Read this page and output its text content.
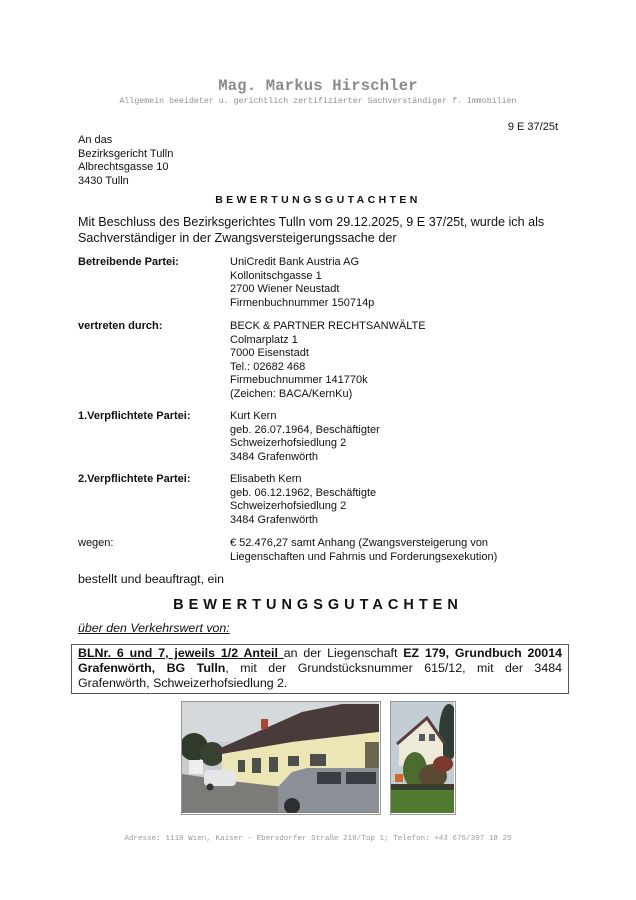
Mag. Markus Hirschler
Allgemein beeideter u. gerichtlich zertifizierter Sachverständiger f. Immobilien
9 E 37/25t
An das
Bezirksgericht Tulln
Albrechtsgasse 10
3430 Tulln
BEWERTUNGSGUTACHTEN
Mit Beschluss des Bezirksgerichtes Tulln vom 29.12.2025, 9 E 37/25t, wurde ich als
Sachverständiger in der Zwangsversteigerungssache der
Betreibende Partei:	UniCredit Bank Austria AG
Kollonitschgasse 1
2700 Wiener Neustadt
Firmenbuchnummer 150714p
vertreten durch:	BECK & PARTNER RECHTSANWÄLTE
Colmarplatz 1
7000 Eisenstadt
Tel.: 02682 468
Firmebuchnummer 141770k
(Zeichen: BACA/KernKu)
1.Verpflichtete Partei:	Kurt Kern
geb. 26.07.1964, Beschäftigter
Schweizerhofsiedlung 2
3484 Grafenwörth
2.Verpflichtete Partei:	Elisabeth Kern
geb. 06.12.1962, Beschäftigte
Schweizerhofsiedlung 2
3484 Grafenwörth
wegen:	€ 52.476,27 samt Anhang (Zwangsversteigerung von
Liegenschaften und Fahrnis und Forderungsexekution)
bestellt und beauftragt, ein
BEWERTUNGSGUTACHTEN
über den Verkehrswert von:
BLNr. 6 und 7, jeweils 1/2 Anteil an der Liegenschaft EZ 179, Grundbuch 20014 Grafenwörth, BG Tulln, mit der Grundstücksnummer 615/12, mit der 3484 Grafenwörth, Schweizerhofsiedlung 2.
Adresse: 1110 Wien, Kaiser - Ebersdorfer Straße 218/Top 1; Telefon: +43 676/307 18 25
